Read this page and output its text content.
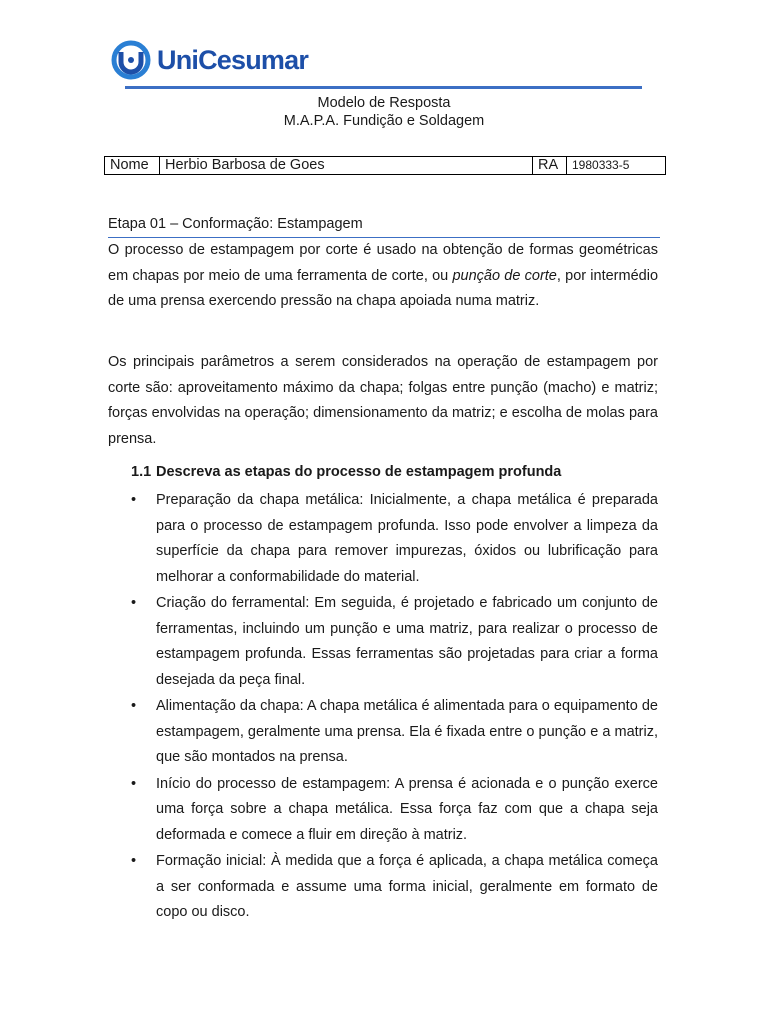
UniCesumar
Modelo de Resposta
M.A.P.A. Fundição e Soldagem
Nome	Herbio Barbosa de Goes	RA	1980333-5
Etapa 01 – Conformação: Estampagem
O processo de estampagem por corte é usado na obtenção de formas geométricas em chapas por meio de uma ferramenta de corte, ou punção de corte, por intermédio de uma prensa exercendo pressão na chapa apoiada numa matriz.
Os principais parâmetros a serem considerados na operação de estampagem por corte são: aproveitamento máximo da chapa; folgas entre punção (macho) e matriz; forças envolvidas na operação; dimensionamento da matriz; e escolha de molas para prensa.
1.1 Descreva as etapas do processo de estampagem profunda
• Preparação da chapa metálica: Inicialmente, a chapa metálica é preparada para o processo de estampagem profunda. Isso pode envolver a limpeza da superfície da chapa para remover impurezas, óxidos ou lubrificação para melhorar a conformabilidade do material.
• Criação do ferramental: Em seguida, é projetado e fabricado um conjunto de ferramentas, incluindo um punção e uma matriz, para realizar o processo de estampagem profunda. Essas ferramentas são projetadas para criar a forma desejada da peça final.
• Alimentação da chapa: A chapa metálica é alimentada para o equipamento de estampagem, geralmente uma prensa. Ela é fixada entre o punção e a matriz, que são montados na prensa.
• Início do processo de estampagem: A prensa é acionada e o punção exerce uma força sobre a chapa metálica. Essa força faz com que a chapa seja deformada e comece a fluir em direção à matriz.
• Formação inicial: À medida que a força é aplicada, a chapa metálica começa a ser conformada e assume uma forma inicial, geralmente em formato de copo ou disco.
